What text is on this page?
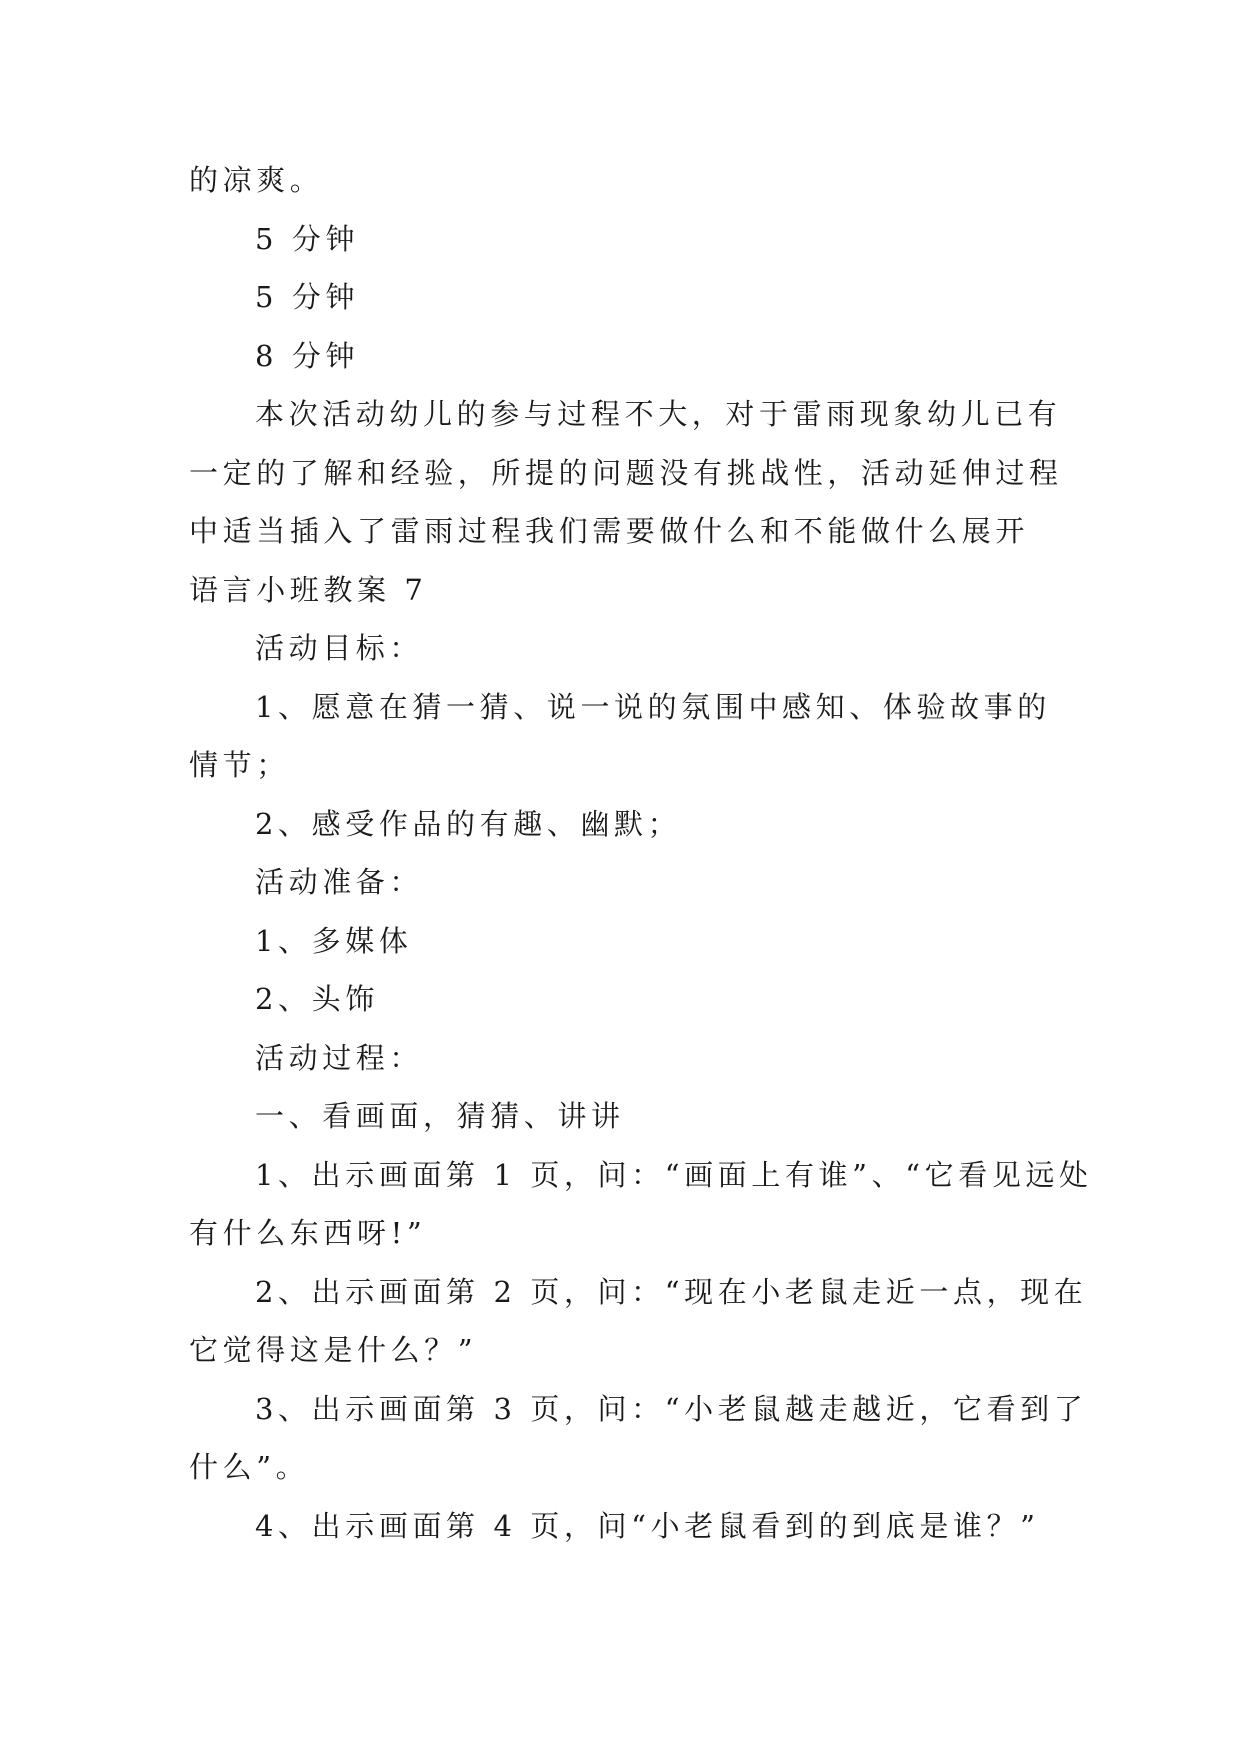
的凉爽。
5 分钟
5 分钟
8 分钟
本次活动幼儿的参与过程不大，对于雷雨现象幼儿已有
一定的了解和经验，所提的问题没有挑战性，活动延伸过程
中适当插入了雷雨过程我们需要做什么和不能做什么展开
语言小班教案 7
活动目标：
1、愿意在猜一猜、说一说的氛围中感知、体验故事的
情节；
2、感受作品的有趣、幽默；
活动准备：
1、多媒体
2、头饰
活动过程：
一、看画面，猜猜、讲讲
1、出示画面第 1 页，问：“画面上有谁”、“它看见远处
有什么东西呀!”
2、出示画面第 2 页，问：“现在小老鼠走近一点，现在
它觉得这是什么？”
3、出示画面第 3 页，问：“小老鼠越走越近，它看到了
什么”。
4、出示画面第 4 页，问“小老鼠看到的到底是谁？”
